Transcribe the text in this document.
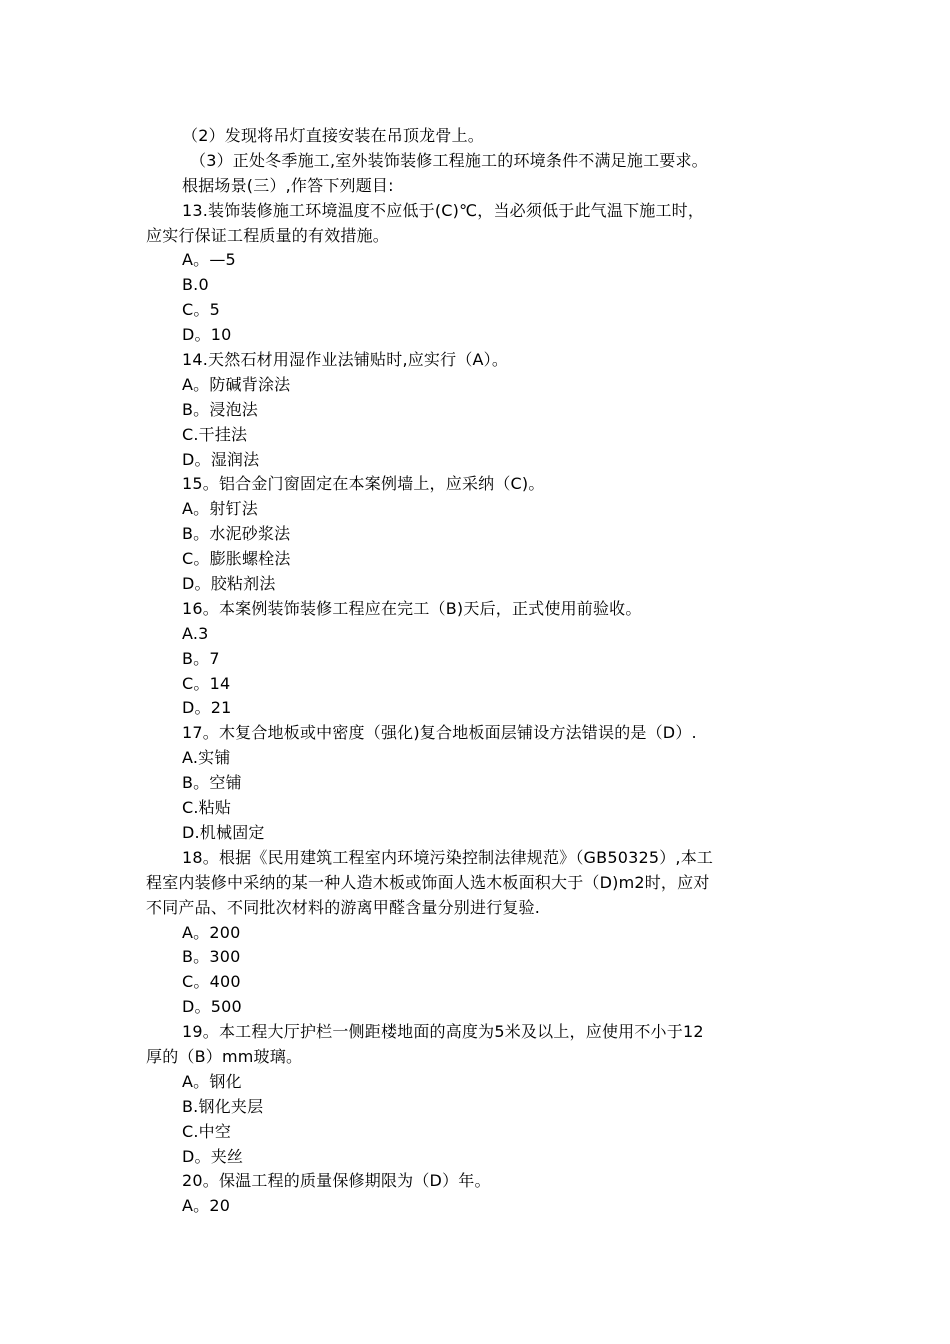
（2）发现将吊灯直接安装在吊顶龙骨上。
（3）正处冬季施工,室外装饰装修工程施工的环境条件不满足施工要求。
根据场景(三）,作答下列题目:
13.装饰装修施工环境温度不应低于(C)℃，当必须低于此气温下施工时，
应实行保证工程质量的有效措施。
A。—5
B.0
C。5
D。10
14.天然石材用湿作业法铺贴时,应实行（A）。
A。防碱背涂法
B。浸泡法
C.干挂法
D。湿润法
15。铝合金门窗固定在本案例墙上，应采纳（C)。
A。射钉法
B。水泥砂浆法
C。膨胀螺栓法
D。胶粘剂法
16。本案例装饰装修工程应在完工（B)天后，正式使用前验收。
A.3
B。7
C。14
D。21
17。木复合地板或中密度（强化)复合地板面层铺设方法错误的是（D）.
A.实铺
B。空铺
C.粘贴
D.机械固定
18。根据《民用建筑工程室内环境污染控制法律规范》（GB50325）,本工
程室内装修中采纳的某一种人造木板或饰面人选木板面积大于（D)m2时，应对
不同产品、不同批次材料的游离甲醛含量分别进行复验.
A。200
B。300
C。400
D。500
19。本工程大厅护栏一侧距楼地面的高度为5米及以上，应使用不小于12
厚的（B）mm玻璃。
A。钢化
B.钢化夹层
C.中空
D。夹丝
20。保温工程的质量保修期限为（D）年。
A。20
